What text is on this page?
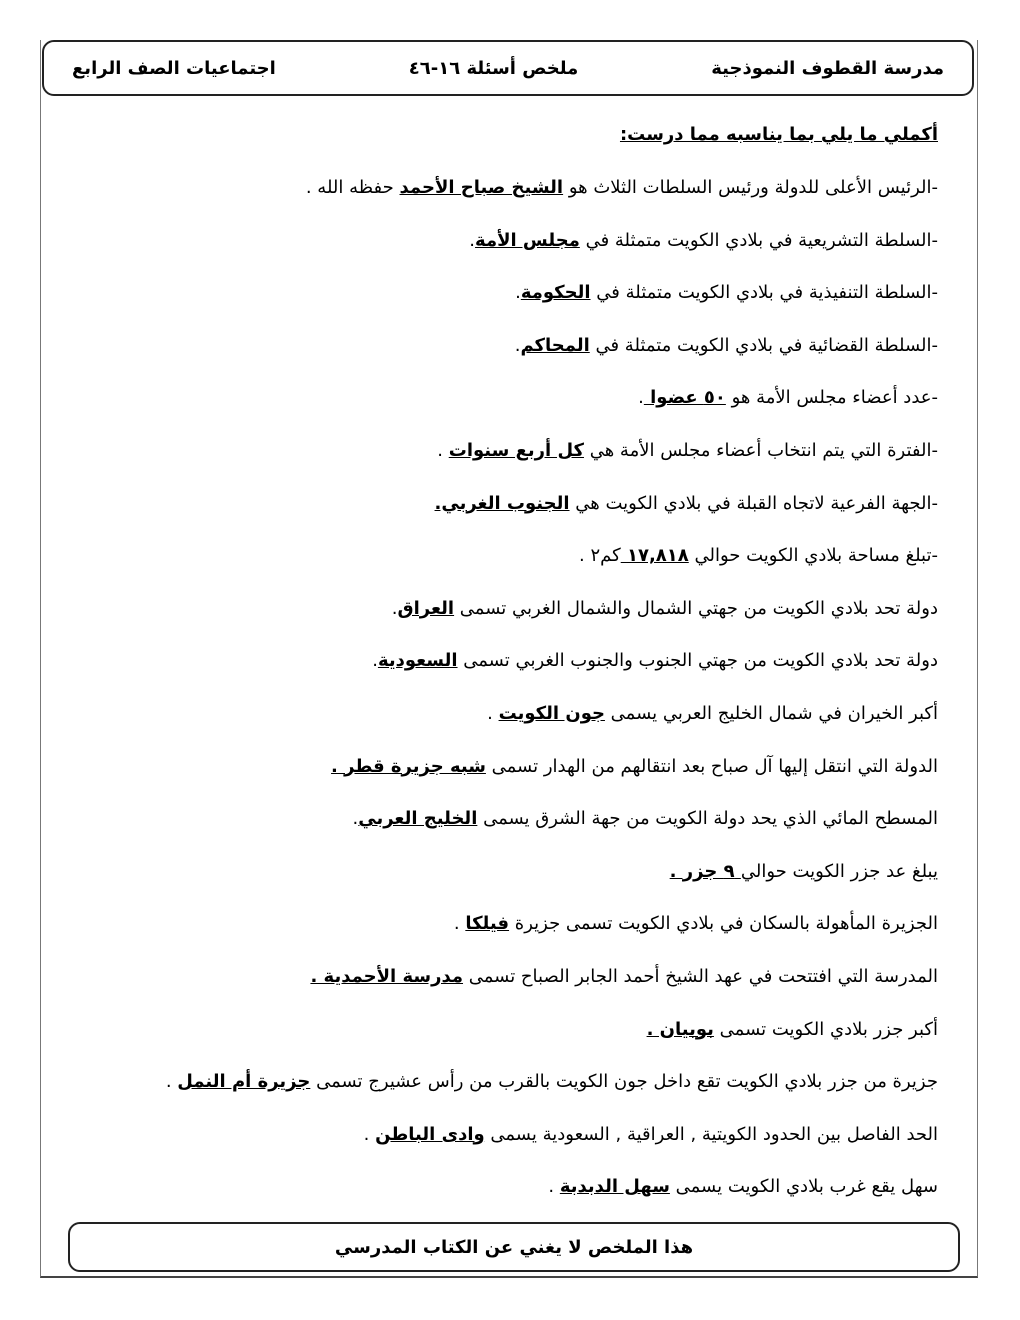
مدرسة القطوف النموذجية
ملخص أسئلة ١٦-٤٦
اجتماعيات الصف الرابع
أكملي ما يلي بما يناسبه مما درست:
-الرئيس الأعلى للدولة ورئيس السلطات الثلاث هو الشيخ صباح الأحمد حفظه الله .
-السلطة التشريعية في بلادي الكويت متمثلة في مجلس الأمة.
-السلطة التنفيذية في بلادي الكويت متمثلة في الحكومة.
-السلطة القضائية في بلادي الكويت متمثلة في المحاكم.
-عدد أعضاء مجلس الأمة هو ٥٠ عضوا .
-الفترة التي يتم انتخاب أعضاء مجلس الأمة هي كل أربع سنوات .
-الجهة الفرعية لاتجاه القبلة في بلادي الكويت هي الجنوب الغربي.
-تبلغ مساحة بلادي الكويت حوالي ١٧,٨١٨ كم٢ .
دولة تحد بلادي الكويت من جهتي الشمال والشمال الغربي تسمى العراق.
دولة تحد بلادي الكويت من جهتي الجنوب والجنوب الغربي تسمى السعودية.
أكبر الخيران في شمال الخليج العربي يسمى جون الكويت .
الدولة التي انتقل إليها آل صباح بعد انتقالهم من الهدار تسمى شبه جزيرة قطر .
المسطح المائي الذي يحد دولة الكويت من جهة الشرق يسمى الخليج العربي.
يبلغ عد جزر الكويت حوالي ٩ جزر .
الجزيرة المأهولة بالسكان في بلادي الكويت تسمى جزيرة فيلكا .
المدرسة التي افتتحت في عهد الشيخ أحمد الجابر الصباح تسمى مدرسة الأحمدية .
أكبر جزر بلادي الكويت تسمى بوبيان .
جزيرة من جزر بلادي الكويت تقع داخل جون الكويت بالقرب من رأس عشيرج تسمى جزيرة أم النمل .
الحد الفاصل بين الحدود الكويتية , العراقية , السعودية يسمى وادى الباطن .
سهل يقع غرب بلادي الكويت يسمى سهل الدبدبة .
هذا الملخص لا يغني عن الكتاب المدرسي
